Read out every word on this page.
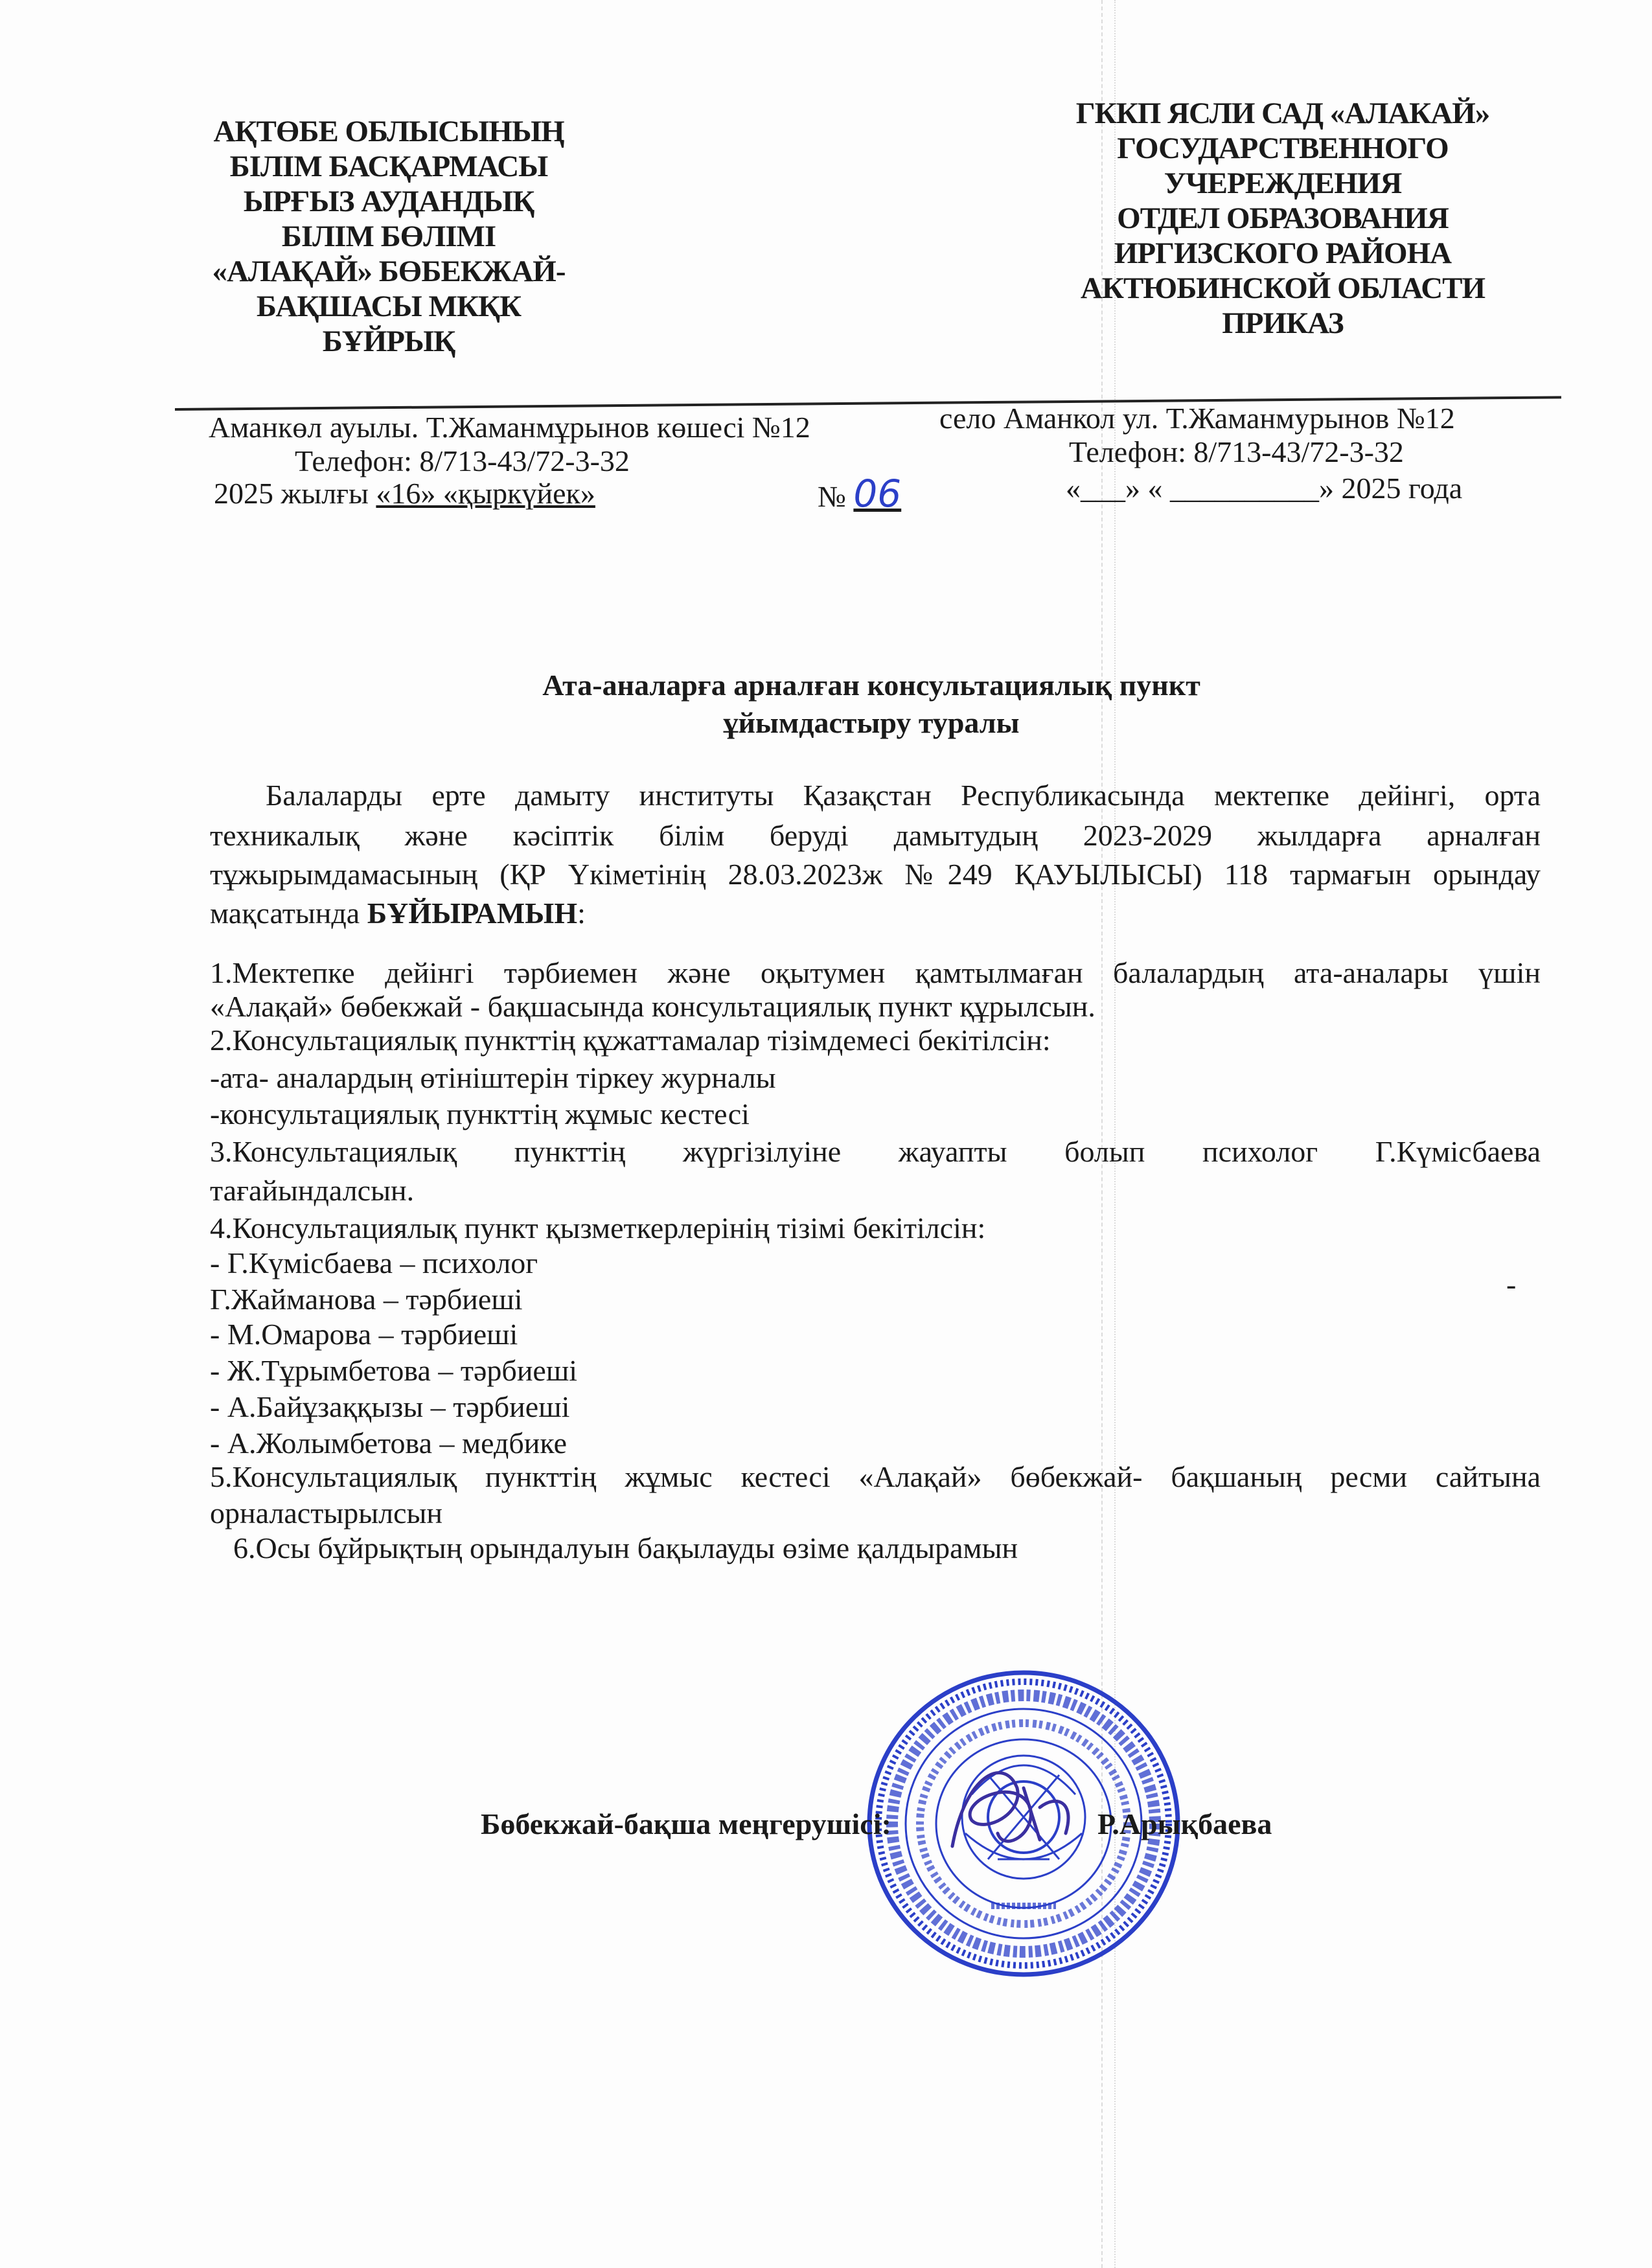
АҚТӨБЕ ОБЛЫСЫНЫҢ
БІЛІМ БАСҚАРМАСЫ
ЫРҒЫЗ АУДАНДЫҚ
БІЛІМ БӨЛІМІ
«АЛАҚАЙ» БӨБЕКЖАЙ-
БАҚШАСЫ МКҚК
БҰЙРЫҚ
ГККП ЯСЛИ САД «АЛАКАЙ»
ГОСУДАРСТВЕННОГО
УЧЕРЕЖДЕНИЯ
ОТДЕЛ ОБРАЗОВАНИЯ
ИРГИЗСКОГО РАЙОНА
АКТЮБИНСКОЙ ОБЛАСТИ
ПРИКАЗ
Аманкөл ауылы. Т.Жаманмұрынов көшесі №12	село Аманкол ул. Т.Жаманмурынов №12
Телефон: 8/713-43/72-3-32	Телефон: 8/713-43/72-3-32
2025 жылғы «16» «қыркүйек»	№ 06	«___» « __________» 2025 года
Ата-аналарға арналған консультациялық пункт
ұйымдастыру туралы
Балаларды ерте дамыту институты Қазақстан Республикасында мектепке дейінгі, орта
техникалық және кәсіптік білім беруді дамытудың 2023-2029 жылдарға арналған
тұжырымдамасының (ҚР Үкіметінің 28.03.2023ж №249 ҚАУЫЛЫСЫ) 118 тармағын орындау
мақсатында БҰЙЫРАМЫН:
1.Мектепке дейінгі тәрбиемен және оқытумен қамтылмаған балалардың ата-аналары үшін
«Алақай» бөбекжай - бақшасында консультациялық пункт құрылсын.
2.Консультациялық пункттің құжаттамалар тізімдемесі бекітілсін:
-ата- аналардың өтініштерін тіркеу журналы
-консультациялық пункттің жұмыс кестесі
3.Консультациялық пункттің жүргізілуіне жауапты болып психолог Г.Күмісбаева
тағайындалсын.
4.Консультациялық пункт қызметкерлерінің тізімі бекітілсін:
- Г.Күмісбаева – психолог
Г.Жайманова – тәрбиеші
- М.Омарова – тәрбиеші
- Ж.Тұрымбетова – тәрбиеші
- А.Байұзаққызы – тәрбиеші
- А.Жолымбетова – медбике
5.Консультациялық пункттің жұмыс кестесі «Алақай» бөбекжай- бақшаның ресми сайтына
орналастырылсын
6.Осы бұйрықтың орындалуын бақылауды өзіме қалдырамын
-
Бөбекжай-бақша меңгерушісі:	Р.Арықбаева
